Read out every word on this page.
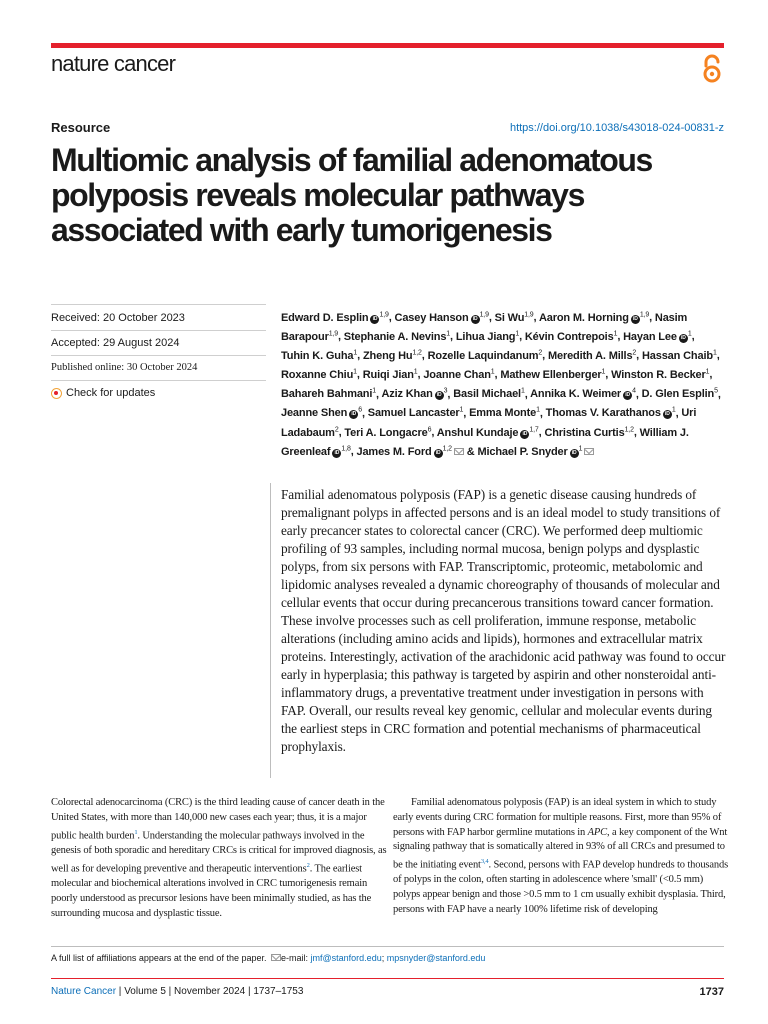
nature cancer
Resource	https://doi.org/10.1038/s43018-024-00831-z
Multiomic analysis of familial adenomatous polyposis reveals molecular pathways associated with early tumorigenesis
Received: 20 October 2023
Accepted: 29 August 2024
Published online: 30 October 2024
Check for updates

Edward D. Esplin iD$^{1,9}$, Casey Hanson iD$^{1,9}$, Si Wu$^{1,9}$, Aaron M. Horning iD$^{1,9}$, Nasim Barapour$^{1,9}$, Stephanie A. Nevins$^1$, Lihua Jiang$^1$, Kévin Contrepois$^1$, Hayan Lee $iD^1$, Tuhin K. Guha$^1$, Zheng Hu$^{1,2}$, Rozelle Laquindanum$^2$, Meredith A. Mills$^2$, Hassan Chaib$^1$, Roxanne Chiu$^1$, Ruiqi Jian$^1$, Joanne Chan$^1$, Mathew Ellenberger$^1$, Winston R. Becker$^1$, Bahareh Bahmani$^1$, Aziz Khan $iD^3$, Basil Michael$^1$, Annika K. Weimer $iD^4$, D. Glen Esplin$^5$, Jeanne Shen $iD^6$, Samuel Lancaster$^1$, Emma Monte$^1$, Thomas V. Karathanos $iD^1$, Uri Ladabaum$^2$, Teri A. Longacre$^6$, Anshul Kundaje iD$^{1,7}$, Christina Curtis$^{1,2}$, William J. Greenleaf iD$^{1,8}$, James M. Ford iD$^{1,2}$ & Michael P. Snyder $iD^1$

Familial adenomatous polyposis (FAP) is a genetic disease causing hundreds of premalignant polyps in affected persons and is an ideal model to study transitions of early precancer states to colorectal cancer (CRC). We performed deep multiomic profiling of 93 samples, including normal mucosa, benign polyps and dysplastic polyps, from six persons with FAP. Transcriptomic, proteomic, metabolomic and lipidomic analyses revealed a dynamic choreography of thousands of molecular and cellular events that occur during precancerous transitions toward cancer formation. These involve processes such as cell proliferation, immune response, metabolic alterations (including amino acids and lipids), hormones and extracellular matrix proteins. Interestingly, activation of the arachidonic acid pathway was found to occur early in hyperplasia; this pathway is targeted by aspirin and other nonsteroidal anti-inflammatory drugs, a preventative treatment under investigation in persons with FAP. Overall, our results reveal key genomic, cellular and molecular events during the earliest steps in CRC formation and potential mechanisms of pharmaceutical prophylaxis.

Colorectal adenocarcinoma (CRC) is the third leading cause of cancer death in the United States, with more than 140,000 new cases each year; thus, it is a major public health burden$^1$. Understanding the molecular pathways involved in the genesis of both sporadic and hereditary CRCs is critical for improved diagnosis, as well as for developing preventive and therapeutic interventions$^2$. The earliest molecular and biochemical alterations involved in CRC tumorigenesis remain poorly understood as precursor lesions have been minimally studied, as has the surrounding mucosa and dysplastic tissue.

Familial adenomatous polyposis (FAP) is an ideal system in which to study early events during CRC formation for multiple reasons. First, more than 95% of persons with FAP harbor germline mutations in APC, a key component of the Wnt signaling pathway that is somatically altered in 93% of all CRCs and presumed to be the initiating event$^{3,4}$. Second, persons with FAP develop hundreds to thousands of polyps in the colon, often starting in adolescence where 'small' (<0.5 mm) polyps appear benign and those >0.5 mm to 1 cm usually exhibit dysplasia. Third, persons with FAP have a nearly 100% lifetime risk of developing

A full list of affiliations appears at the end of the paper. e-mail: jmf@stanford.edu; mpsnyder@stanford.edu
Nature Cancer | Volume 5 | November 2024 | 1737–1753	1737
